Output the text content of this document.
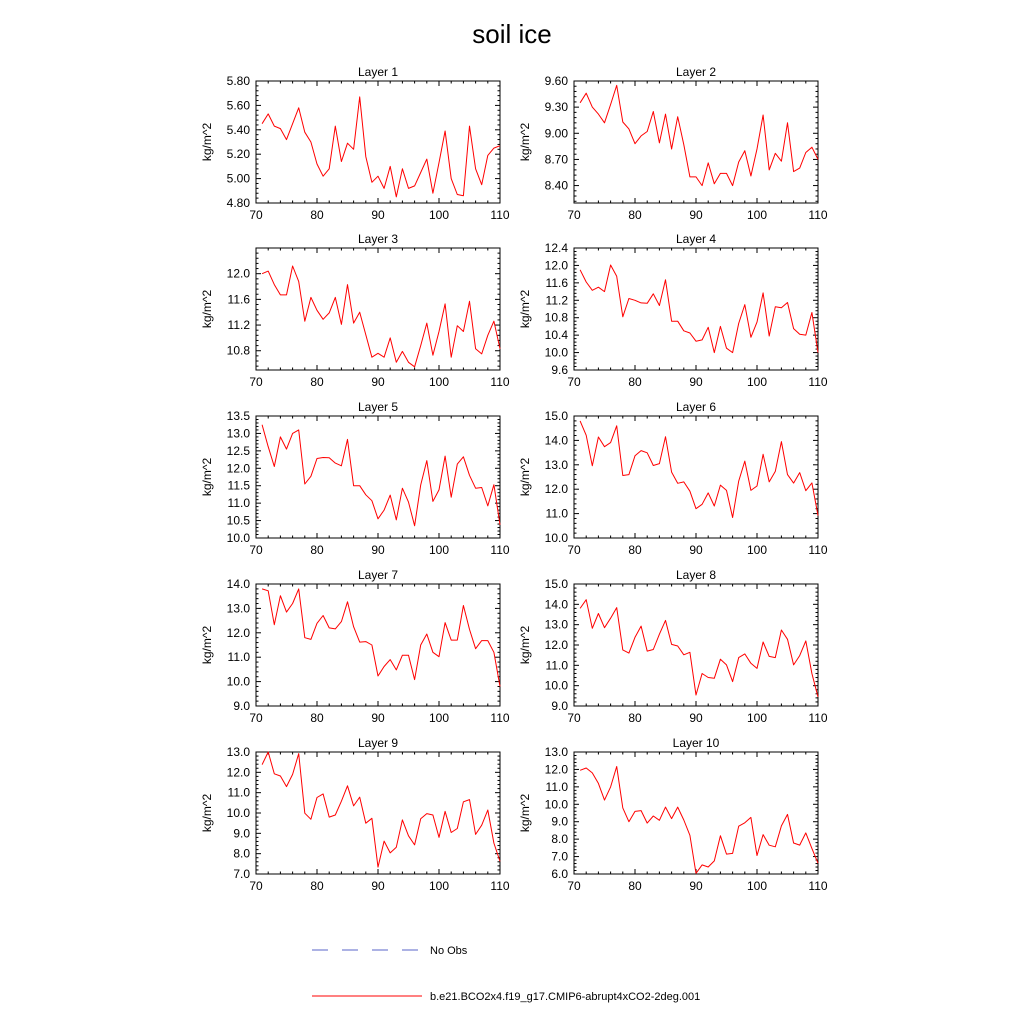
soil ice
Layer 1
70	80	90	100	110
4.80
5.00
5.20
5.40
5.60
5.80
kg/m^2
Layer 2
70	80	90	100	110
8.40
8.70
9.00
9.30
9.60
kg/m^2
Layer 3
70	80	90	100	110
10.8
11.2
11.6
12.0
kg/m^2
Layer 4
70	80	90	100	110
9.6
10.0
10.4
10.8
11.2
11.6
12.0
12.4
kg/m^2
Layer 5
70	80	90	100	110
10.0
10.5
11.0
11.5
12.0
12.5
13.0
13.5
kg/m^2
Layer 6
70	80	90	100	110
10.0
11.0
12.0
13.0
14.0
15.0
kg/m^2
Layer 7
70	80	90	100	110
9.0
10.0
11.0
12.0
13.0
14.0
kg/m^2
Layer 8
70	80	90	100	110
9.0
10.0
11.0
12.0
13.0
14.0
15.0
kg/m^2
Layer 9
70	80	90	100	110
7.0
8.0
9.0
10.0
11.0
12.0
13.0
kg/m^2
Layer 10
70	80	90	100	110
6.0
7.0
8.0
9.0
10.0
11.0
12.0
13.0
kg/m^2
No Obs
b.e21.BCO2x4.f19_g17.CMIP6-abrupt4xCO2-2deg.001
